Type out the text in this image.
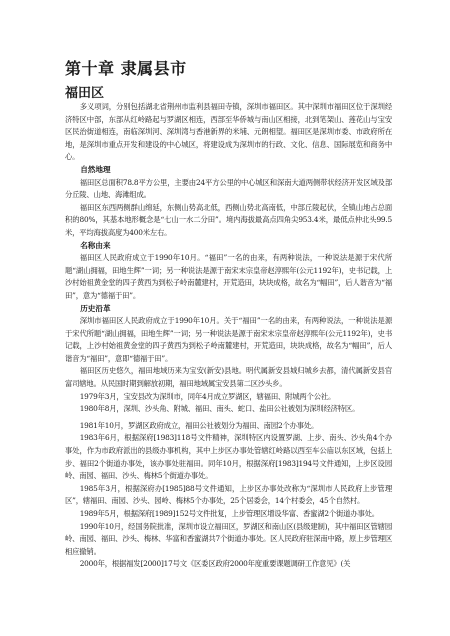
第十章 隶属县市
福田区

多义项词，分别包括湖北省荆州市监利县福田寺镇，深圳市福田区。其中深圳市福田区位于深圳经济特区中部，东部从红岭路起与罗湖区相连，西部至华侨城与南山区相接，北到笔架山、莲花山与宝安区民治街道相连，南临深圳河、深圳湾与香港新界的米埔、元朗相望。福田区是深圳市委、市政府所在地，是深圳市重点开发和建设的中心城区，将建设成为深圳市的行政、文化、信息、国际展览和商务中心。

自然地理

福田区总面积78.8平方公里，主要由24平方公里的中心城区和深南大道两侧带状经济开发区域及部分丘陵、山地、海滩组成。

福田区东西两侧群山绵延，东侧山势高北低，西侧山势北高南低，中部丘陵起伏，全镇山地占总面积的80%，其基本地形概念是“七山一水二分田”。境内海拔最高点四角尖953.4米，最低点仲北头99.5米，平均海拔高度为400米左右。

名称由来

福田区人民政府成立于1990年10月。“福田”一名的由来，有两种说法，一种说法是源于宋代所题“湖山拥福，田地生辉”一词；另一种说法是源于南宋末宗皇帝赵淳熙年(公元1192年)，史书记载，上沙村始祖黄金堂的四子黄西为到松子岭南麓建村，开荒造田，块块成格，故名为“幅田”，后人谐音为“福田”，意为“德福于田”。

历史沿革

深圳市福田区人民政府成立于1990年10月。关于“福田”一名的由来，有两种说法，一种说法是源于宋代所题“湖山拥福，田地生辉”一词；另一种说法是源于南宋末宗皇帝赵淳熙年(公元1192年)，史书记载，上沙村始祖黄金堂的四子黄西为到松子岭南麓建村，开荒造田，块块成格，故名为“幅田”，后人谐音为“福田”，意即“德福于田”。

福田区历史悠久，福田地域历来为宝安(新安)县地。明代属新安县城归城乡去都，清代属新安县官富司辖地。从民国时期到解放初期，福田地域属宝安县第二区沙头乡。

1979年3月，宝安县改为深圳市，同年4月成立罗湖区，辖福田、附城两个公社。

1980年8月，深圳、沙头角、附城、福田、南头、蛇口、盐田公社被划为深圳经济特区。

1981年10月，罗湖区政府成立，福田公社被划分为福田、南园2个办事处。

1983年6月，根据深府[1983]118号文件精神，深圳特区内设置罗湖、上步、南头、沙头角4个办事处，作为市政府派出的县级办事机构，其中上步区办事处管辖红岭路以西至车公庙以东区域，包括上步、福田2个街道办事处，该办事处驻福田。同年10月，根据深府[1983]194号文件通知，上步区设园岭、南园、福田、沙头、梅林5个街道办事处。

1985年3月，根据深府办[1985]88号文件通知，上步区办事处改称为“深圳市人民政府上步管理区”，辖福田、南园、沙头、园岭、梅林5个办事处，25个居委会，14个村委会，45个自然村。

1989年5月，根据深府[1989]152号文件批复，上步管理区增设华富、香蜜湖2个街道办事处。

1990年10月，经国务院批准，深圳市设立福田区，罗湖区和南山区(县级建制)，其中福田区管辖园岭、南园、福田、沙头、梅林、华富和香蜜湖共7个街道办事处。区人民政府驻深南中路，原上步管理区相应撤销。

2000年，根据福发[2000]17号文《区委区政府2000年度重要课题调研工作意见》(关
